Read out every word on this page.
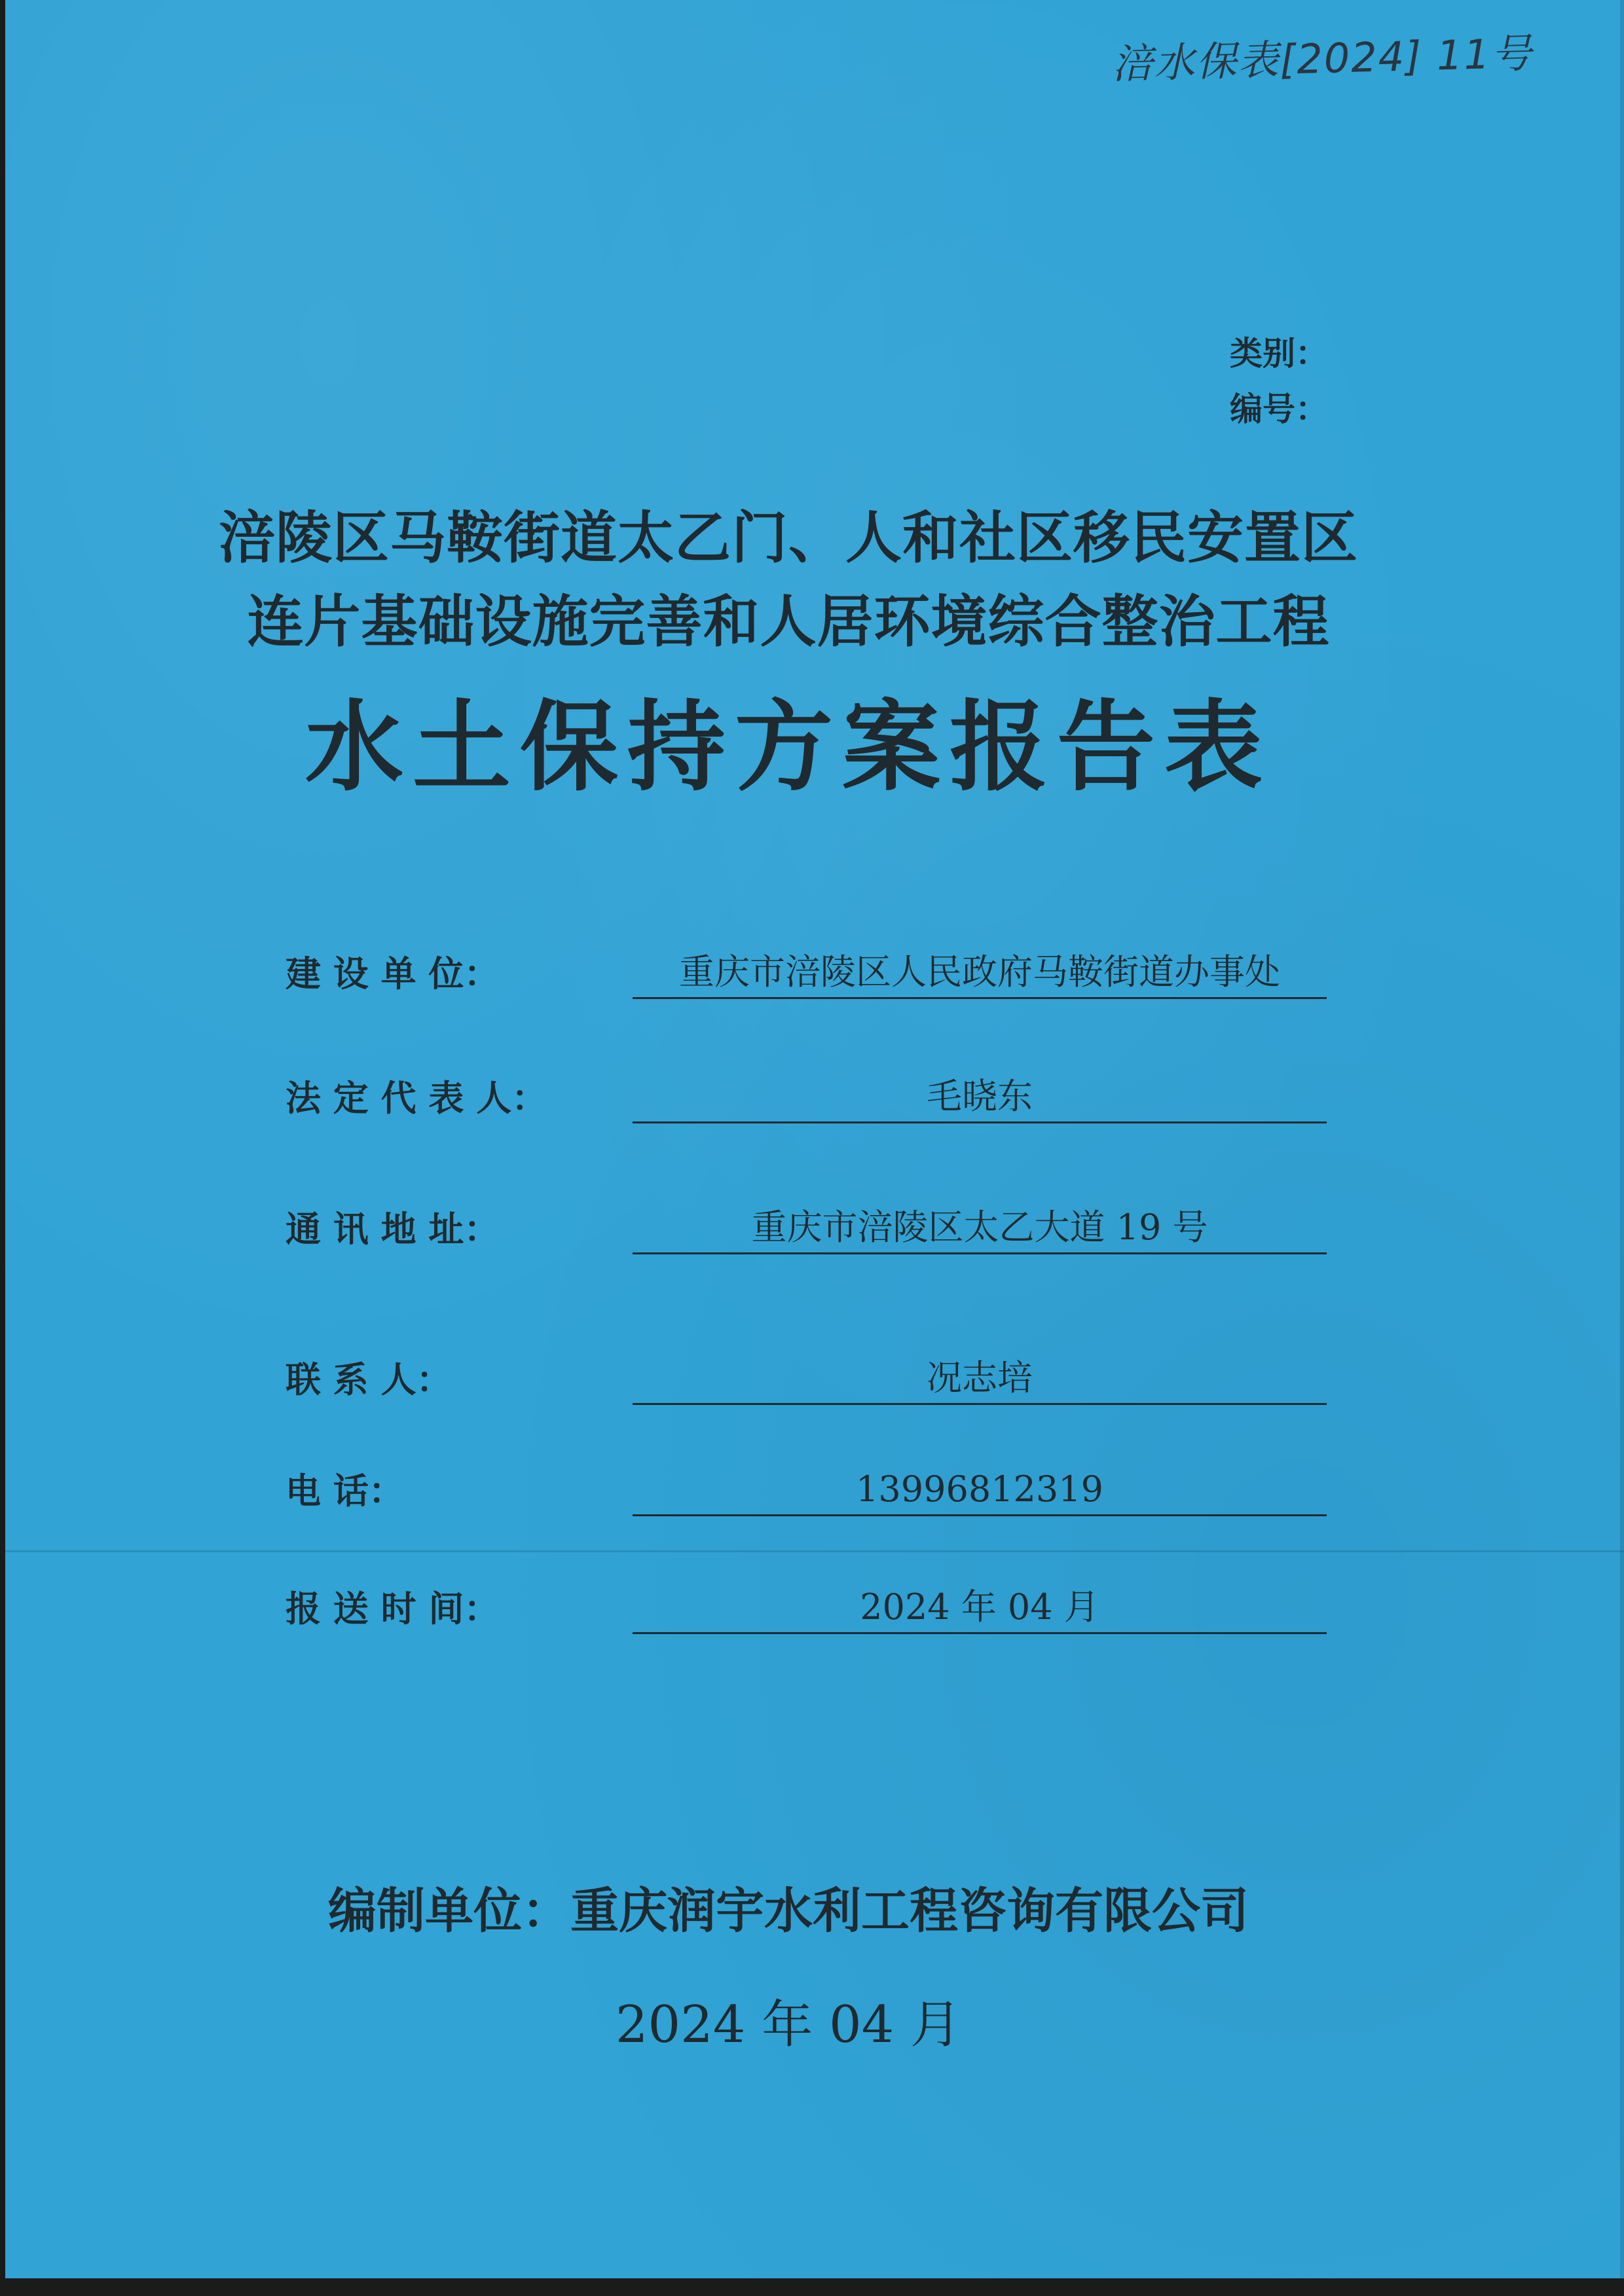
涪水保表[2024] 11号
类别：
编号：
涪陵区马鞍街道太乙门、人和社区移民安置区
连片基础设施完善和人居环境综合整治工程
水土保持方案报告表
建 设 单 位：	重庆市涪陵区人民政府马鞍街道办事处
法 定 代 表 人：	毛晓东
通 讯 地 址：	重庆市涪陵区太乙大道 19 号
联 系 人：	况志培
电 话：	13996812319
报 送 时 间：	2024 年 04 月
编制单位：重庆润宇水利工程咨询有限公司
2024 年 04 月
